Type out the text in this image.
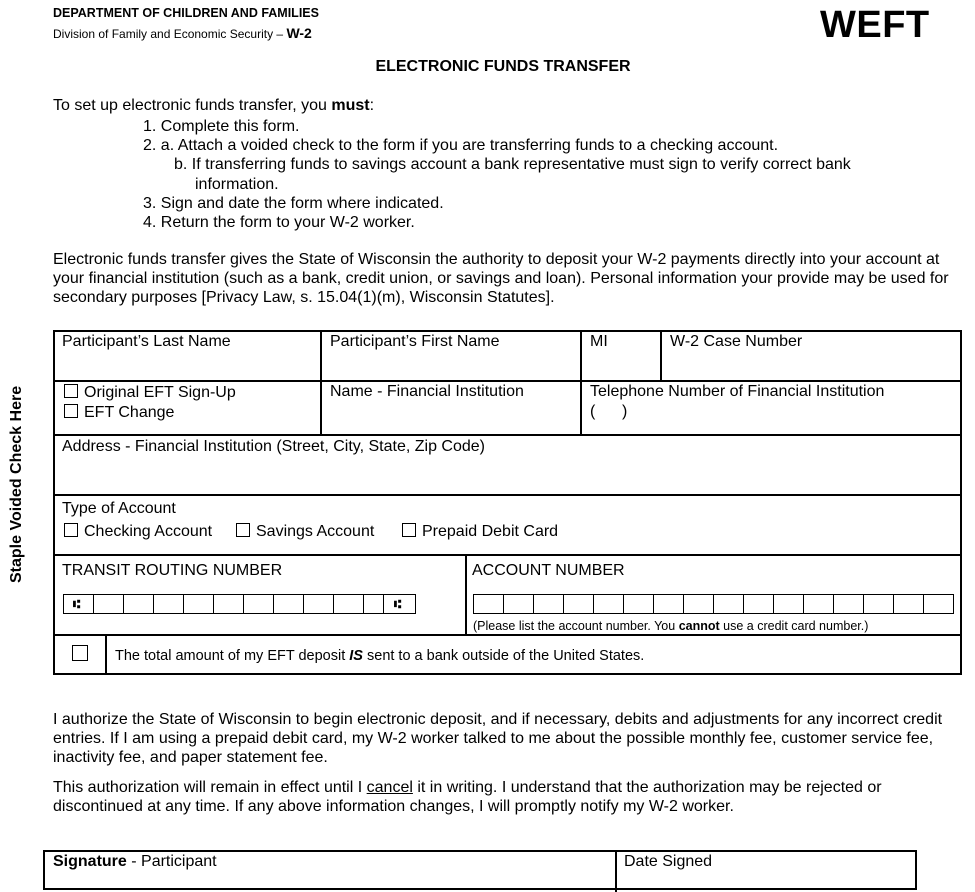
DEPARTMENT OF CHILDREN AND FAMILIES
Division of Family and Economic Security – W-2	WEFT
ELECTRONIC FUNDS TRANSFER
To set up electronic funds transfer, you must:
1. Complete this form.
2. a. Attach a voided check to the form if you are transferring funds to a checking account.
b. If transferring funds to savings account a bank representative must sign to verify correct bank
information.
3. Sign and date the form where indicated.
4. Return the form to your W-2 worker.
Electronic funds transfer gives the State of Wisconsin the authority to deposit your W-2 payments directly into your account at your financial institution (such as a bank, credit union, or savings and loan). Personal information your provide may be used for secondary purposes [Privacy Law, s. 15.04(1)(m), Wisconsin Statutes].
Staple Voided Check Here
Participant’s Last Name	Participant’s First Name	MI	W-2 Case Number
Original EFT Sign-Up
EFT Change
Name - Financial Institution	Telephone Number of Financial Institution
(      )
Address - Financial Institution (Street, City, State, Zip Code)
Type of Account
Checking Account	Savings Account	Prepaid Debit Card
TRANSIT ROUTING NUMBER	ACCOUNT NUMBER
⑆	⑆
(Please list the account number. You cannot use a credit card number.)
The total amount of my EFT deposit IS sent to a bank outside of the United States.
I authorize the State of Wisconsin to begin electronic deposit, and if necessary, debits and adjustments for any incorrect credit entries. If I am using a prepaid debit card, my W-2 worker talked to me about the possible monthly fee, customer service fee, inactivity fee, and paper statement fee.
This authorization will remain in effect until I cancel it in writing. I understand that the authorization may be rejected or discontinued at any time. If any above information changes, I will promptly notify my W-2 worker.
Signature - Participant	Date Signed
